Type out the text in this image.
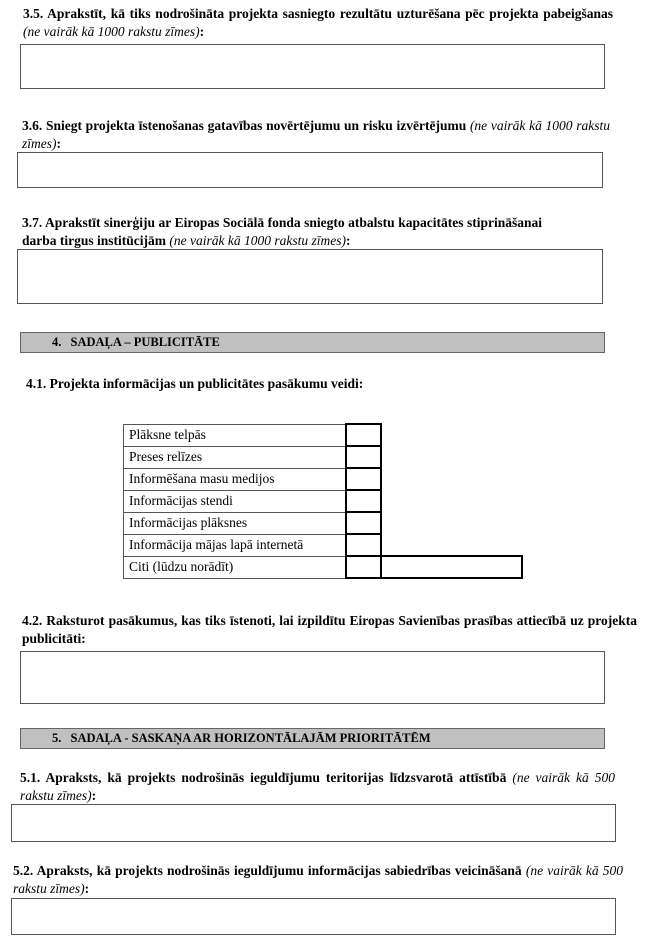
3.5. Aprakstīt, kā tiks nodrošināta projekta sasniegto rezultātu uzturēšana pēc projekta pabeigšanas (ne vairāk kā 1000 rakstu zīmes):
3.6. Sniegt projekta īstenošanas gatavības novērtējumu un risku izvērtējumu (ne vairāk kā 1000 rakstu zīmes):
3.7. Aprakstīt sinerģiju ar Eiropas Sociālā fonda sniegto atbalstu kapacitātes stiprināšanai darba tirgus institūcijām (ne vairāk kā 1000 rakstu zīmes):
4. SADAĻA – PUBLICITĀTE
4.1. Projekta informācijas un publicitātes pasākumu veidi:
Plāksne telpās		
Preses relīzes		
Informēšana masu medijos		
Informācijas stendi		
Informācijas plāksnes		
Informācija mājas lapā internetā		
Citi (lūdzu norādīt)		
4.2. Raksturot pasākumus, kas tiks īstenoti, lai izpildītu Eiropas Savienības prasības attiecībā uz projekta publicitāti:
5. SADAĻA - SASKAŅA AR HORIZONTĀLAJĀM PRIORITĀTĒM
5.1. Apraksts, kā projekts nodrošinās ieguldījumu teritorijas līdzsvarotā attīstībā (ne vairāk kā 500 rakstu zīmes):
5.2. Apraksts, kā projekts nodrošinās ieguldījumu informācijas sabiedrības veicināšanā (ne vairāk kā 500 rakstu zīmes):
